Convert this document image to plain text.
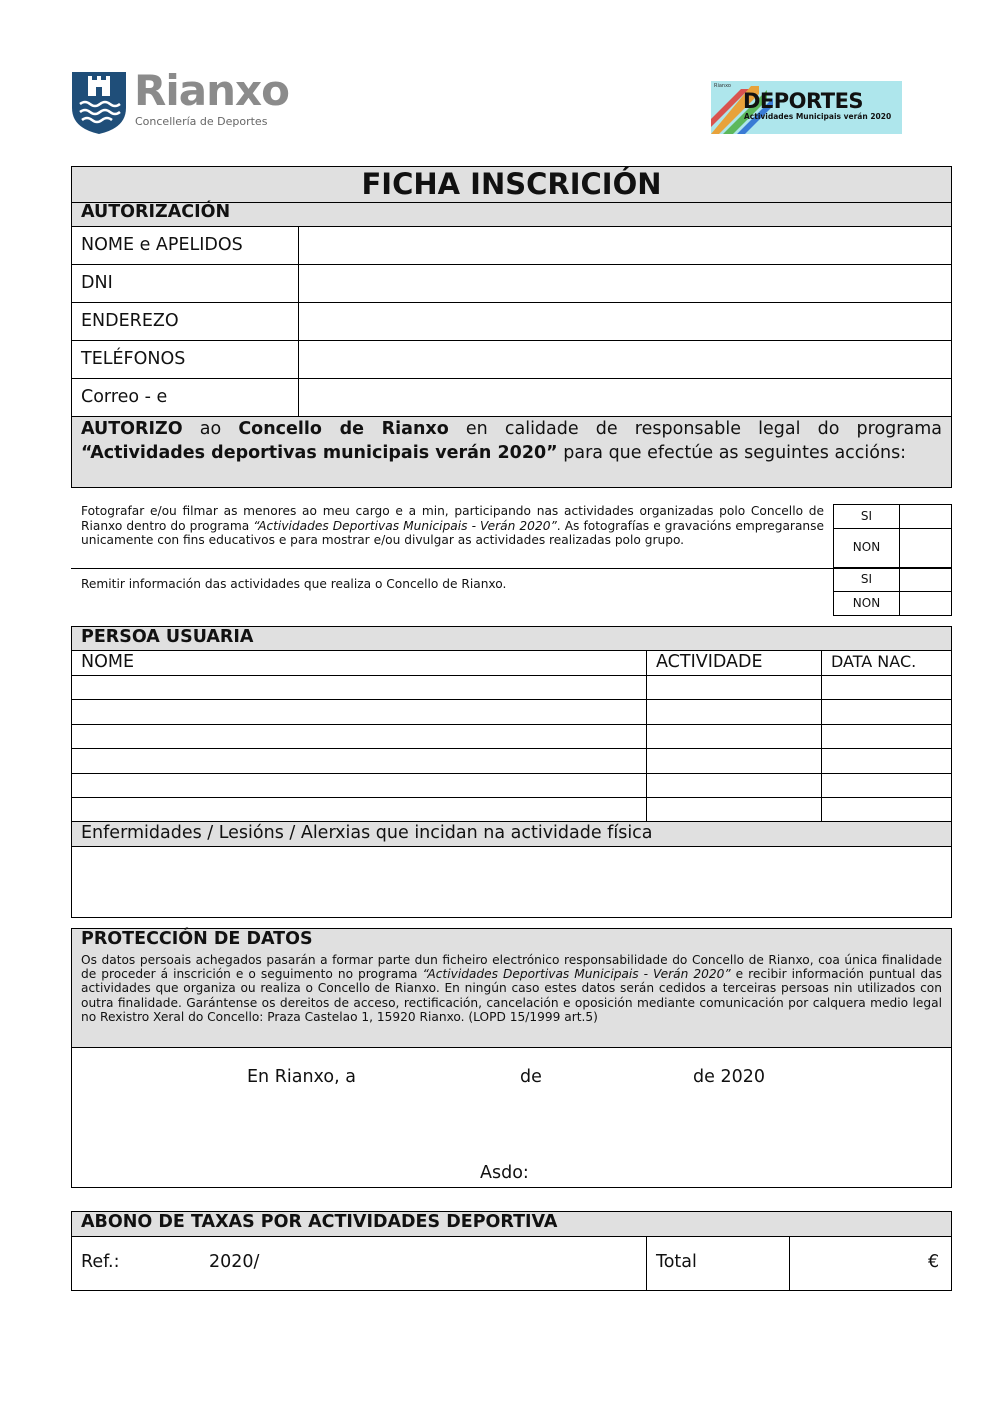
Rianxo
Concellería de Deportes
Rianxo
DEPORTES
Actividades Municipais verán 2020
FICHA INSCRICIÓN
AUTORIZACIÓN
NOME e APELIDOS
DNI
ENDEREZO
TELÉFONOS
Correo - e
AUTORIZO ao Concello de Rianxo en calidade de responsable legal do programa “Actividades deportivas municipais verán 2020” para que efectúe as seguintes accións:
Fotografar e/ou filmar as menores ao meu cargo e a min, participando nas actividades organizadas polo Concello de Rianxo dentro do programa “Actividades Deportivas Municipais - Verán 2020”. As fotografías e gravacións empregaranse unicamente con fins educativos e para mostrar e/ou divulgar as actividades realizadas polo grupo.
Remitir información das actividades que realiza o Concello de Rianxo.
SI
NON
SI
NON
PERSOA USUARIA
NOME	ACTIVIDADE	DATA NAC.
Enfermidades / Lesións / Alerxias que incidan na actividade física
PROTECCIÓN DE DATOS
Os datos persoais achegados pasarán a formar parte dun ficheiro electrónico responsabilidade do Concello de Rianxo, coa única finalidade de proceder á inscrición e o seguimento no programa “Actividades Deportivas Municipais - Verán 2020” e recibir información puntual das actividades que organiza ou realiza o Concello de Rianxo. En ningún caso estes datos serán cedidos a terceiras persoas nin utilizados con outra finalidade. Garántense os dereitos de acceso, rectificación, cancelación e oposición mediante comunicación por calquera medio legal no Rexistro Xeral do Concello: Praza Castelao 1, 15920 Rianxo. (LOPD 15/1999 art.5)
En Rianxo, a	de	de 2020
Asdo:
ABONO DE TAXAS POR ACTIVIDADES DEPORTIVA
Ref.:	2020/	Total	€
